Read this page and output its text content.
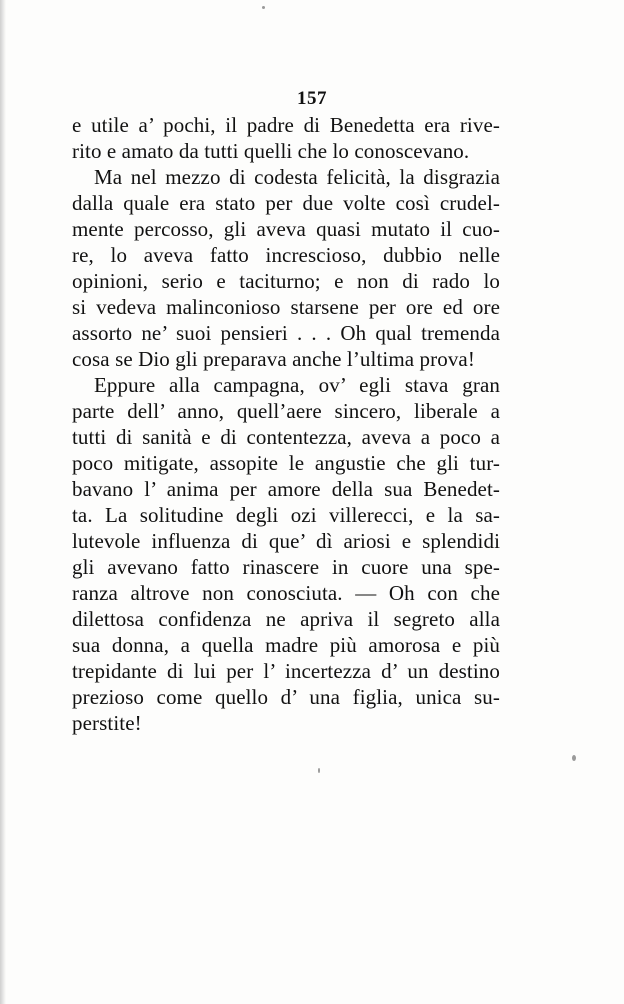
157
e utile a’ pochi, il padre di Benedetta era rive-
rito e amato da tutti quelli che lo conoscevano.
Ma nel mezzo di codesta felicità, la disgrazia
dalla quale era stato per due volte così crudel-
mente percosso, gli aveva quasi mutato il cuo-
re, lo aveva fatto increscioso, dubbio nelle
opinioni, serio e taciturno; e non di rado lo
si vedeva malinconioso starsene per ore ed ore
assorto ne’ suoi pensieri . . . Oh qual tremenda
cosa se Dio gli preparava anche l’ultima prova!
Eppure alla campagna, ov’ egli stava gran
parte dell’ anno, quell’aere sincero, liberale a
tutti di sanità e di contentezza, aveva a poco a
poco mitigate, assopite le angustie che gli tur-
bavano l’ anima per amore della sua Benedet-
ta. La solitudine degli ozi villerecci, e la sa-
lutevole influenza di que’ dì ariosi e splendidi
gli avevano fatto rinascere in cuore una spe-
ranza altrove non conosciuta. — Oh con che
dilettosa confidenza ne apriva il segreto alla
sua donna, a quella madre più amorosa e più
trepidante di lui per l’ incertezza d’ un destino
prezioso come quello d’ una figlia, unica su-
perstite!
